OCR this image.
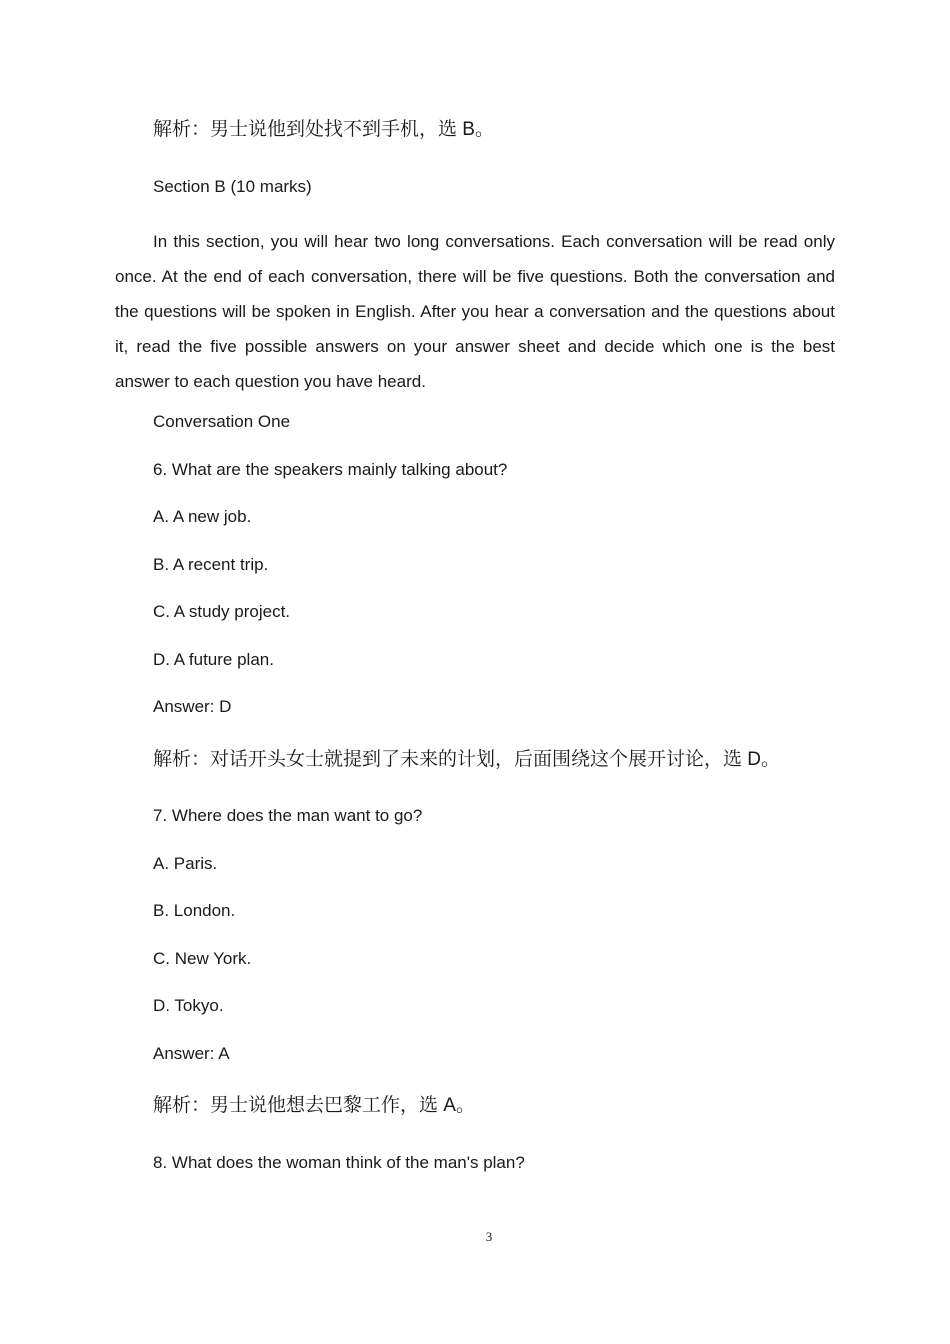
解析：男士说他到处找不到手机，选 B。
Section B (10 marks)
In this section, you will hear two long conversations. Each conversation will be read only once. At the end of each conversation, there will be five questions. Both the conversation and the questions will be spoken in English. After you hear a conversation and the questions about it, read the five possible answers on your answer sheet and decide which one is the best answer to each question you have heard.
Conversation One
6. What are the speakers mainly talking about?
A. A new job.
B. A recent trip.
C. A study project.
D. A future plan.
Answer: D
解析：对话开头女士就提到了未来的计划，后面围绕这个展开讨论，选 D。
7. Where does the man want to go?
A. Paris.
B. London.
C. New York.
D. Tokyo.
Answer: A
解析：男士说他想去巴黎工作，选 A。
8. What does the woman think of the man's plan?
3
